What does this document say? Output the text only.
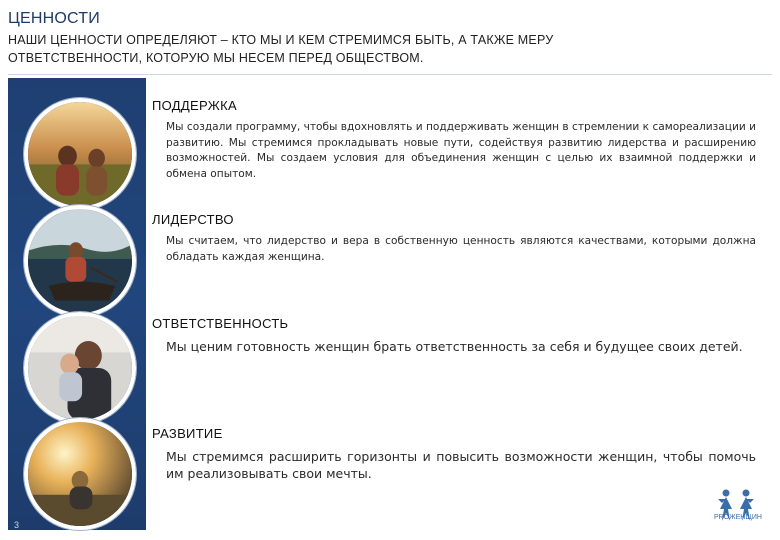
ЦЕННОСТИ
НАШИ ЦЕННОСТИ ОПРЕДЕЛЯЮТ – КТО МЫ И КЕМ СТРЕМИМСЯ БЫТЬ, А ТАКЖЕ МЕРУ
ОТВЕТСТВЕННОСТИ, КОТОРУЮ МЫ НЕСЕМ ПЕРЕД ОБЩЕСТВОМ.
3
ПОДДЕРЖКА
Мы создали программу, чтобы вдохновлять и поддерживать женщин в стремлении к самореализации и развитию. Мы стремимся прокладывать новые пути, содействуя развитию лидерства и расширению возможностей. Мы создаем условия для объединения женщин с целью их взаимной поддержки и обмена опытом.
ЛИДЕРСТВО
Мы считаем, что лидерство и вера в собственную ценность являются качествами, которыми должна обладать каждая женщина.
ОТВЕТСТВЕННОСТЬ
Мы ценим готовность женщин брать ответственность за себя и будущее своих детей.
РАЗВИТИЕ
Мы стремимся расширить горизонты и повысить возможности женщин, чтобы помочь им реализовывать свои мечты.
PROЖЕНЩИН
